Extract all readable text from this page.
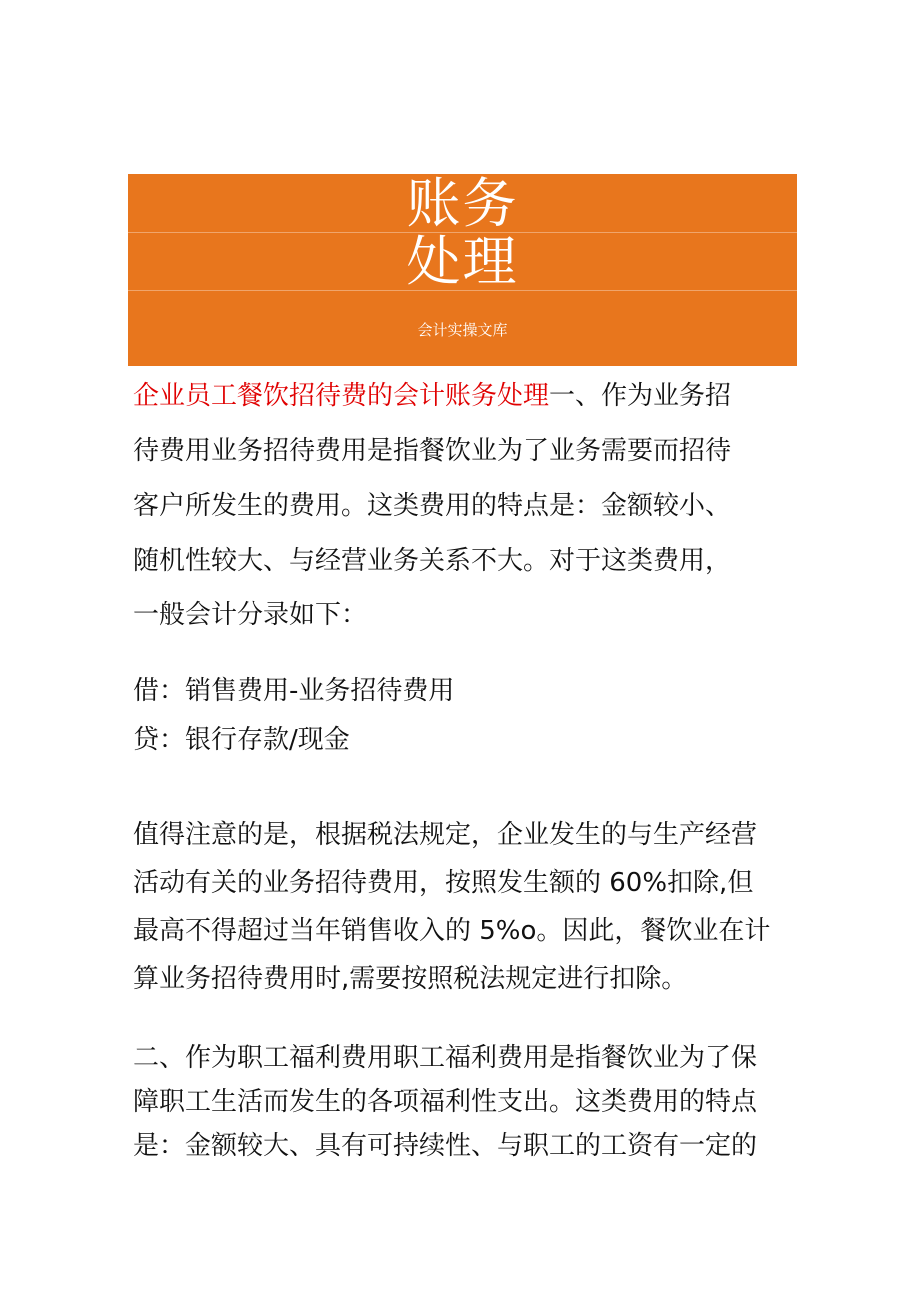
账务
处理
会计实操文库
企业员工餐饮招待费的会计账务处理一、作为业务招
待费用业务招待费用是指餐饮业为了业务需要而招待
客户所发生的费用。这类费用的特点是：金额较小、
随机性较大、与经营业务关系不大。对于这类费用，
一般会计分录如下：
借：销售费用-业务招待费用
贷：银行存款/现金
值得注意的是，根据税法规定，企业发生的与生产经营
活动有关的业务招待费用，按照发生额的 60%扣除,但
最高不得超过当年销售收入的 5%o。因此，餐饮业在计
算业务招待费用时,需要按照税法规定进行扣除。
二、作为职工福利费用职工福利费用是指餐饮业为了保
障职工生活而发生的各项福利性支出。这类费用的特点
是：金额较大、具有可持续性、与职工的工资有一定的
